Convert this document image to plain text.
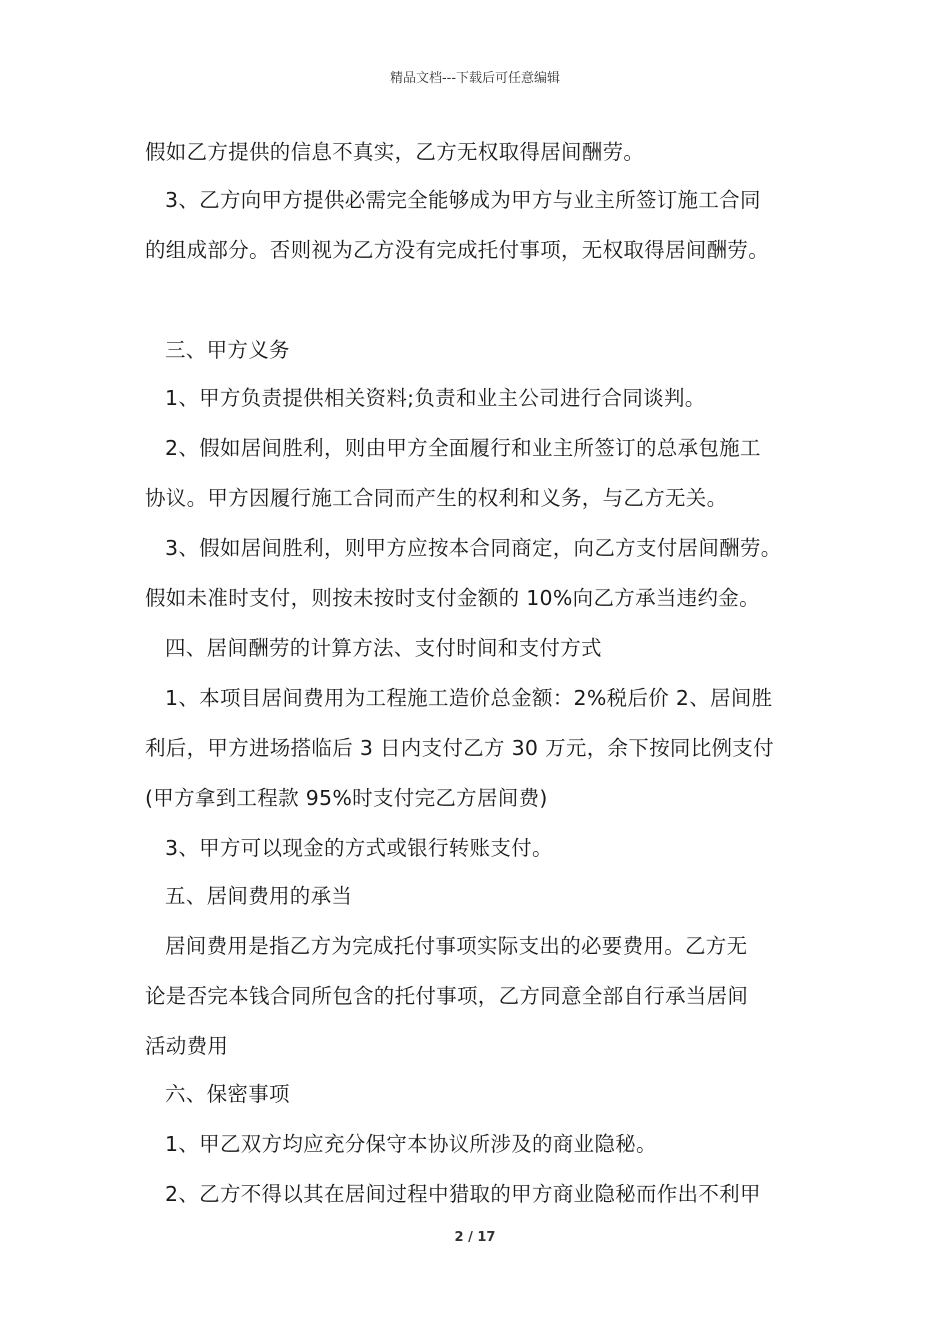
精品文档---下载后可任意编辑
假如乙方提供的信息不真实，乙方无权取得居间酬劳。
3、乙方向甲方提供必需完全能够成为甲方与业主所签订施工合同
的组成部分。否则视为乙方没有完成托付事项，无权取得居间酬劳。
三、甲方义务
1、甲方负责提供相关资料;负责和业主公司进行合同谈判。
2、假如居间胜利，则由甲方全面履行和业主所签订的总承包施工
协议。甲方因履行施工合同而产生的权利和义务，与乙方无关。
3、假如居间胜利，则甲方应按本合同商定，向乙方支付居间酬劳。
假如未准时支付，则按未按时支付金额的 10%向乙方承当违约金。
四、居间酬劳的计算方法、支付时间和支付方式
1、本项目居间费用为工程施工造价总金额：2%税后价 2、居间胜
利后，甲方进场搭临后 3 日内支付乙方 30 万元，余下按同比例支付
(甲方拿到工程款 95%时支付完乙方居间费)
3、甲方可以现金的方式或银行转账支付。
五、居间费用的承当
居间费用是指乙方为完成托付事项实际支出的必要费用。乙方无
论是否完本钱合同所包含的托付事项，乙方同意全部自行承当居间
活动费用
六、保密事项
1、甲乙双方均应充分保守本协议所涉及的商业隐秘。
2、乙方不得以其在居间过程中猎取的甲方商业隐秘而作出不利甲
2 / 17
